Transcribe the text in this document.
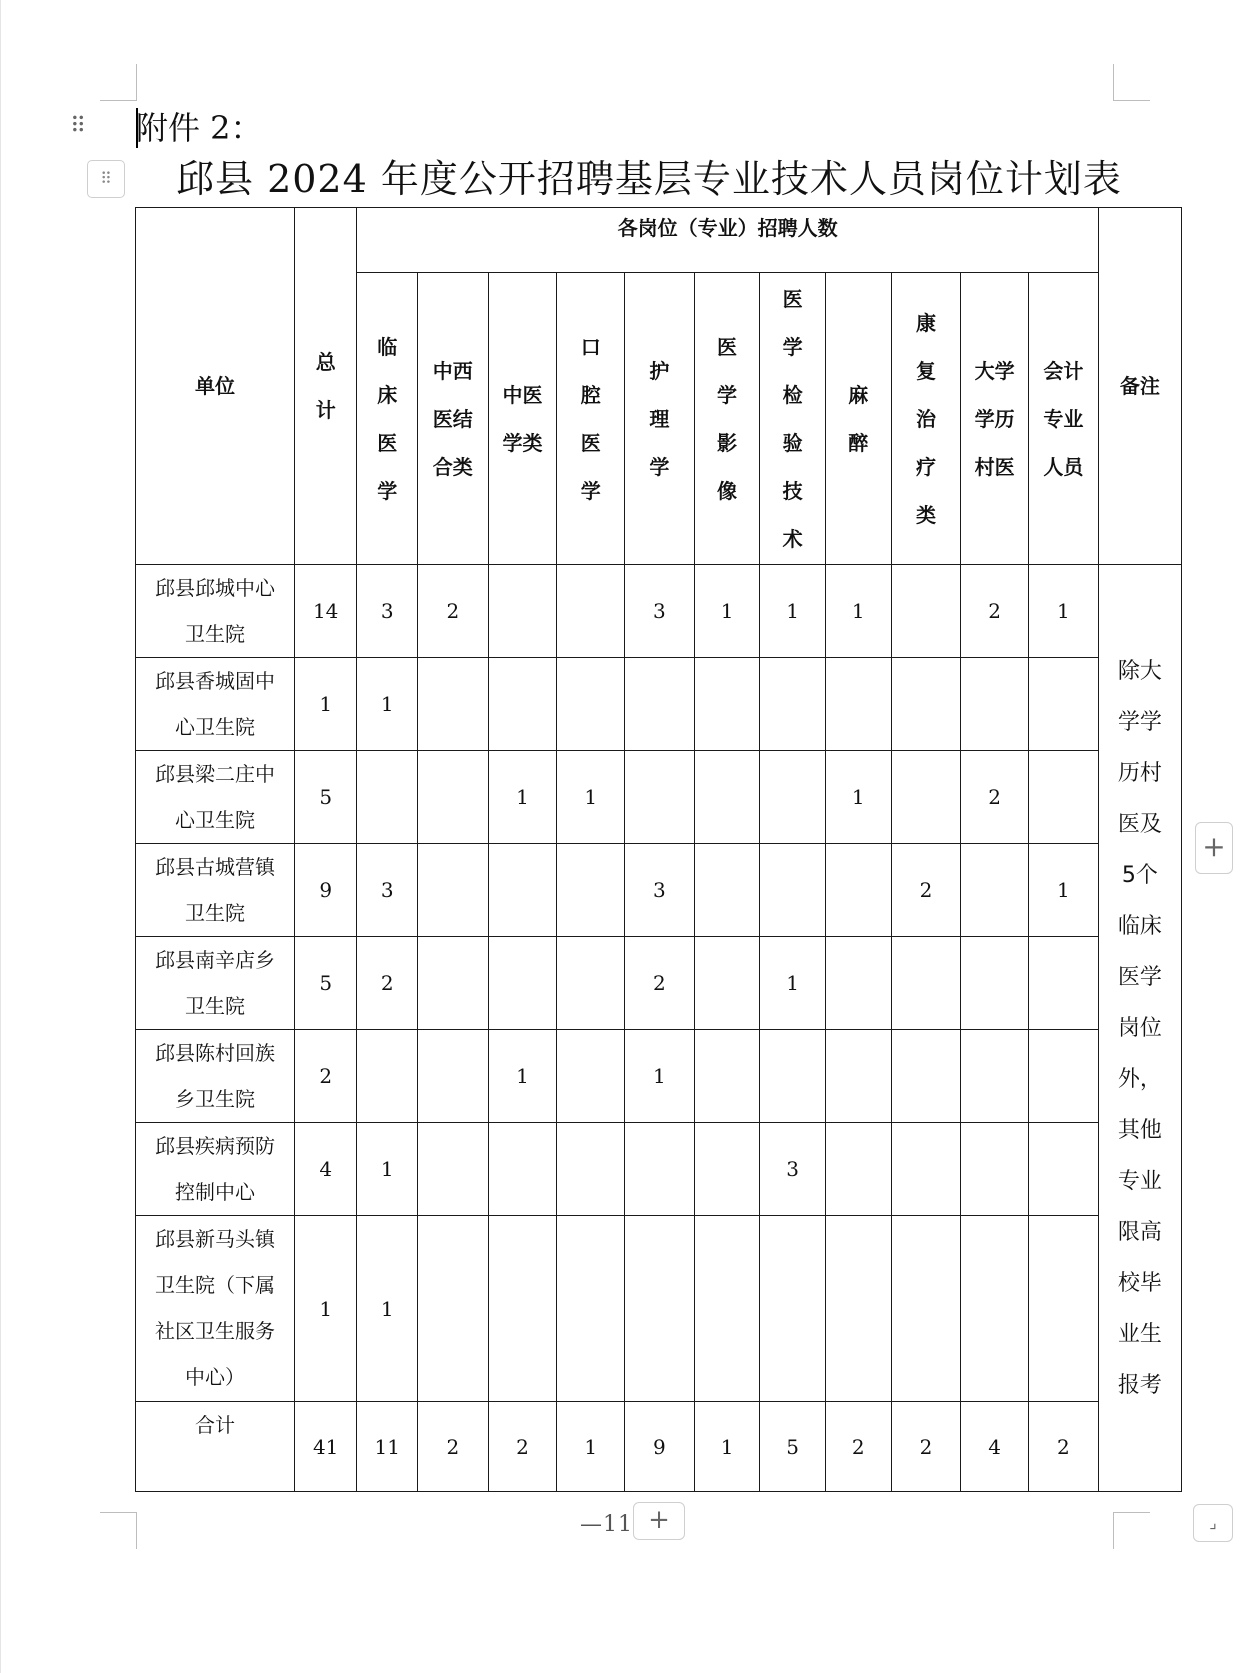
⠿
⠿
附件 2：
邱县 2024 年度公开招聘基层专业技术人员岗位计划表
单位	总计	各岗位（专业）招聘人数											备注
		临床医学	中西医结合类	中医学类	口腔医学	护理学	医学影像	医学检验技术	麻醉	康复治疗类	大学学历村医	会计专业人员	
邱县邱城中心卫生院	14	3	2			3	1	1	1		2	1	除大学学历村医及5个临床医学岗位外，其他专业限高校毕业生报考
邱县香城固中心卫生院	1	1											
邱县梁二庄中心卫生院	5			1	1				1		2		
邱县古城营镇卫生院	9	3				3				2		1	
邱县南辛店乡卫生院	5	2				2		1					
邱县陈村回族乡卫生院	2			1		1							
邱县疾病预防控制中心	4	1						3					
邱县新马头镇卫生院（下属社区卫生服务中心）	1	1											
合计	41	11	2	2	1	9	1	5	2	2	4	2	
+
—11 +	⌟
